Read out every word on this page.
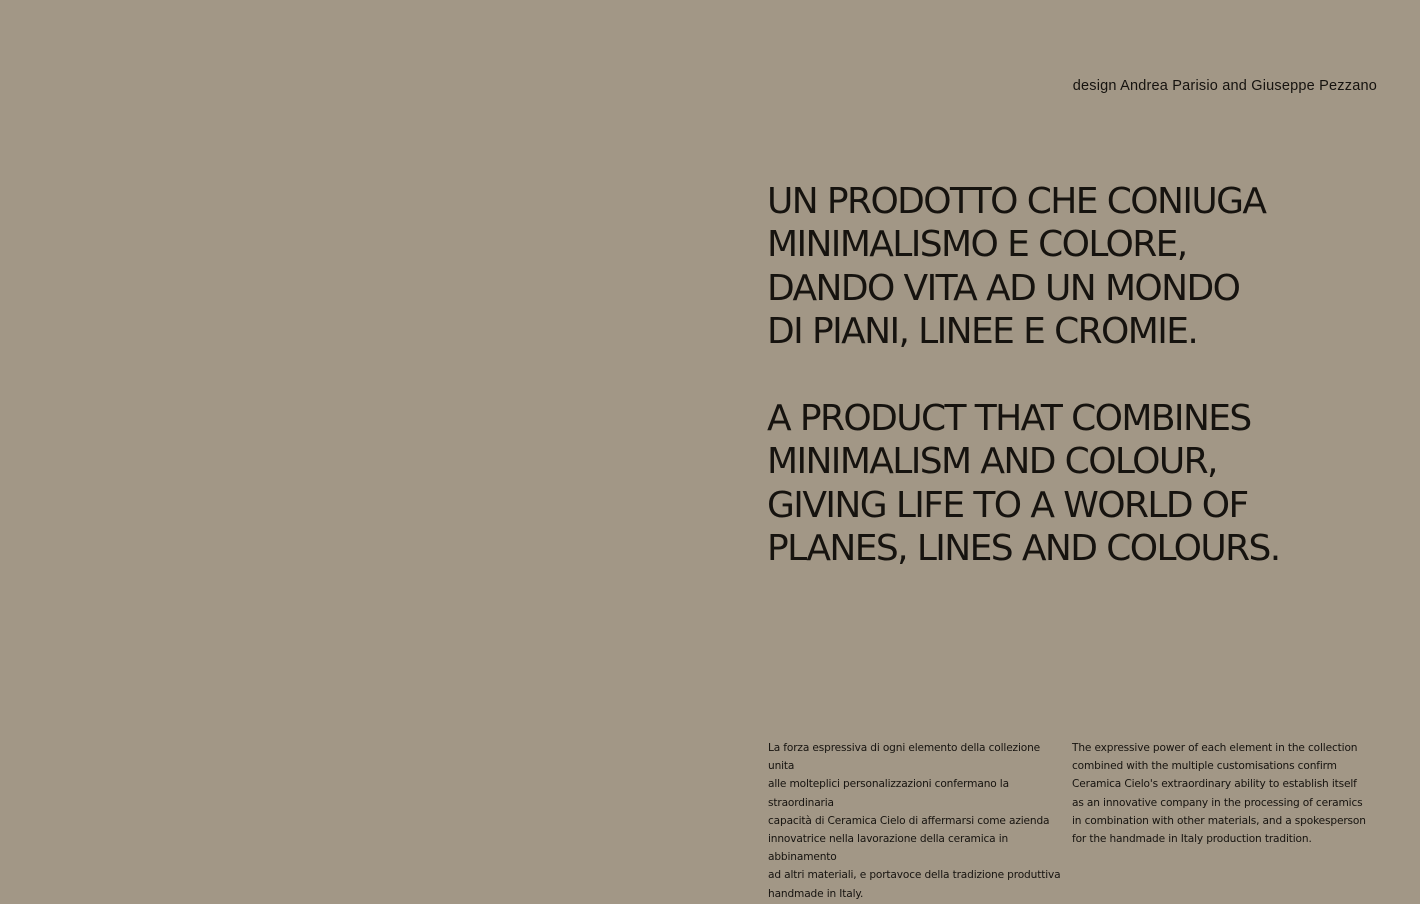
design Andrea Parisio and Giuseppe Pezzano
UN PRODOTTO CHE CONIUGA
MINIMALISMO E COLORE,
DANDO VITA AD UN MONDO
DI PIANI, LINEE E CROMIE.
A PRODUCT THAT COMBINES
MINIMALISM AND COLOUR,
GIVING LIFE TO A WORLD OF
PLANES, LINES AND COLOURS.

La forza espressiva di ogni elemento della collezione unita
alle molteplici personalizzazioni confermano la straordinaria
capacità di Ceramica Cielo di affermarsi come azienda
innovatrice nella lavorazione della ceramica in abbinamento
ad altri materiali, e portavoce della tradizione produttiva
handmade in Italy.

The expressive power of each element in the collection
combined with the multiple customisations confirm
Ceramica Cielo's extraordinary ability to establish itself
as an innovative company in the processing of ceramics
in combination with other materials, and a spokesperson
for the handmade in Italy production tradition.
